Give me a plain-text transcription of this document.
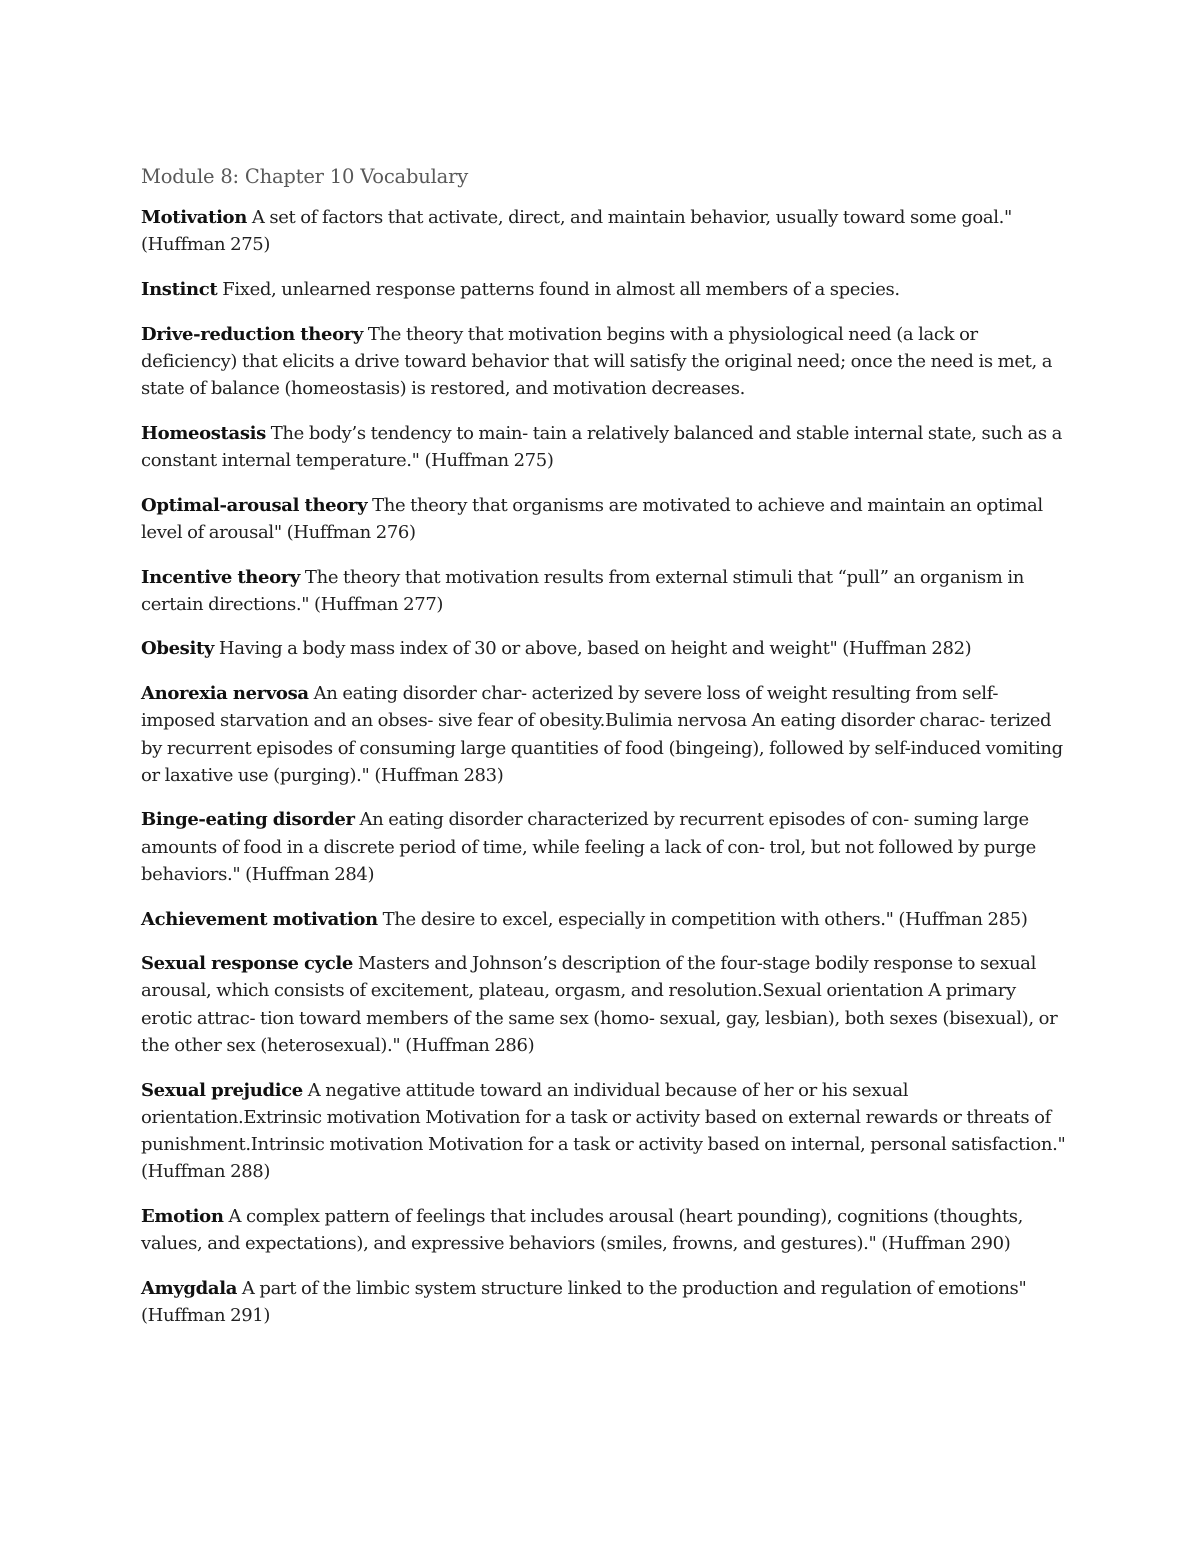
Module 8: Chapter 10 Vocabulary

Motivation A set of factors that activate, direct, and maintain behavior, usually toward some goal." (Huffman 275)

Instinct Fixed, unlearned response patterns found in almost all members of a species.

Drive-reduction theory The theory that motivation begins with a physiological need (a lack or deficiency) that elicits a drive toward behavior that will satisfy the original need; once the need is met, a state of balance (homeostasis) is restored, and motivation decreases.

Homeostasis The body’s tendency to main- tain a relatively balanced and stable internal state, such as a constant internal temperature." (Huffman 275)

Optimal-arousal theory The theory that organisms are motivated to achieve and maintain an optimal level of arousal" (Huffman 276)

Incentive theory The theory that motivation results from external stimuli that “pull” an organism in certain directions." (Huffman 277)

Obesity Having a body mass index of 30 or above, based on height and weight" (Huffman 282)

Anorexia nervosa An eating disorder char- acterized by severe loss of weight resulting from self-imposed starvation and an obses- sive fear of obesity.Bulimia nervosa An eating disorder charac- terized by recurrent episodes of consuming large quantities of food (bingeing), followed by self-induced vomiting or laxative use (purging)." (Huffman 283)

Binge-eating disorder An eating disorder characterized by recurrent episodes of con- suming large amounts of food in a discrete period of time, while feeling a lack of con- trol, but not followed by purge behaviors." (Huffman 284)

Achievement motivation The desire to excel, especially in competition with others." (Huffman 285)

Sexual response cycle Masters and Johnson’s description of the four-stage bodily response to sexual arousal, which consists of excitement, plateau, orgasm, and resolution.Sexual orientation A primary erotic attrac- tion toward members of the same sex (homo- sexual, gay, lesbian), both sexes (bisexual), or the other sex (heterosexual)." (Huffman 286)

Sexual prejudice A negative attitude toward an individual because of her or his sexual orientation.Extrinsic motivation Motivation for a task or activity based on external rewards or threats of punishment.Intrinsic motivation Motivation for a task or activity based on internal, personal satisfaction." (Huffman 288)

Emotion A complex pattern of feelings that includes arousal (heart pounding), cognitions (thoughts, values, and expectations), and expressive behaviors (smiles, frowns, and gestures)." (Huffman 290)

Amygdala A part of the limbic system structure linked to the production and regulation of emotions" (Huffman 291)
